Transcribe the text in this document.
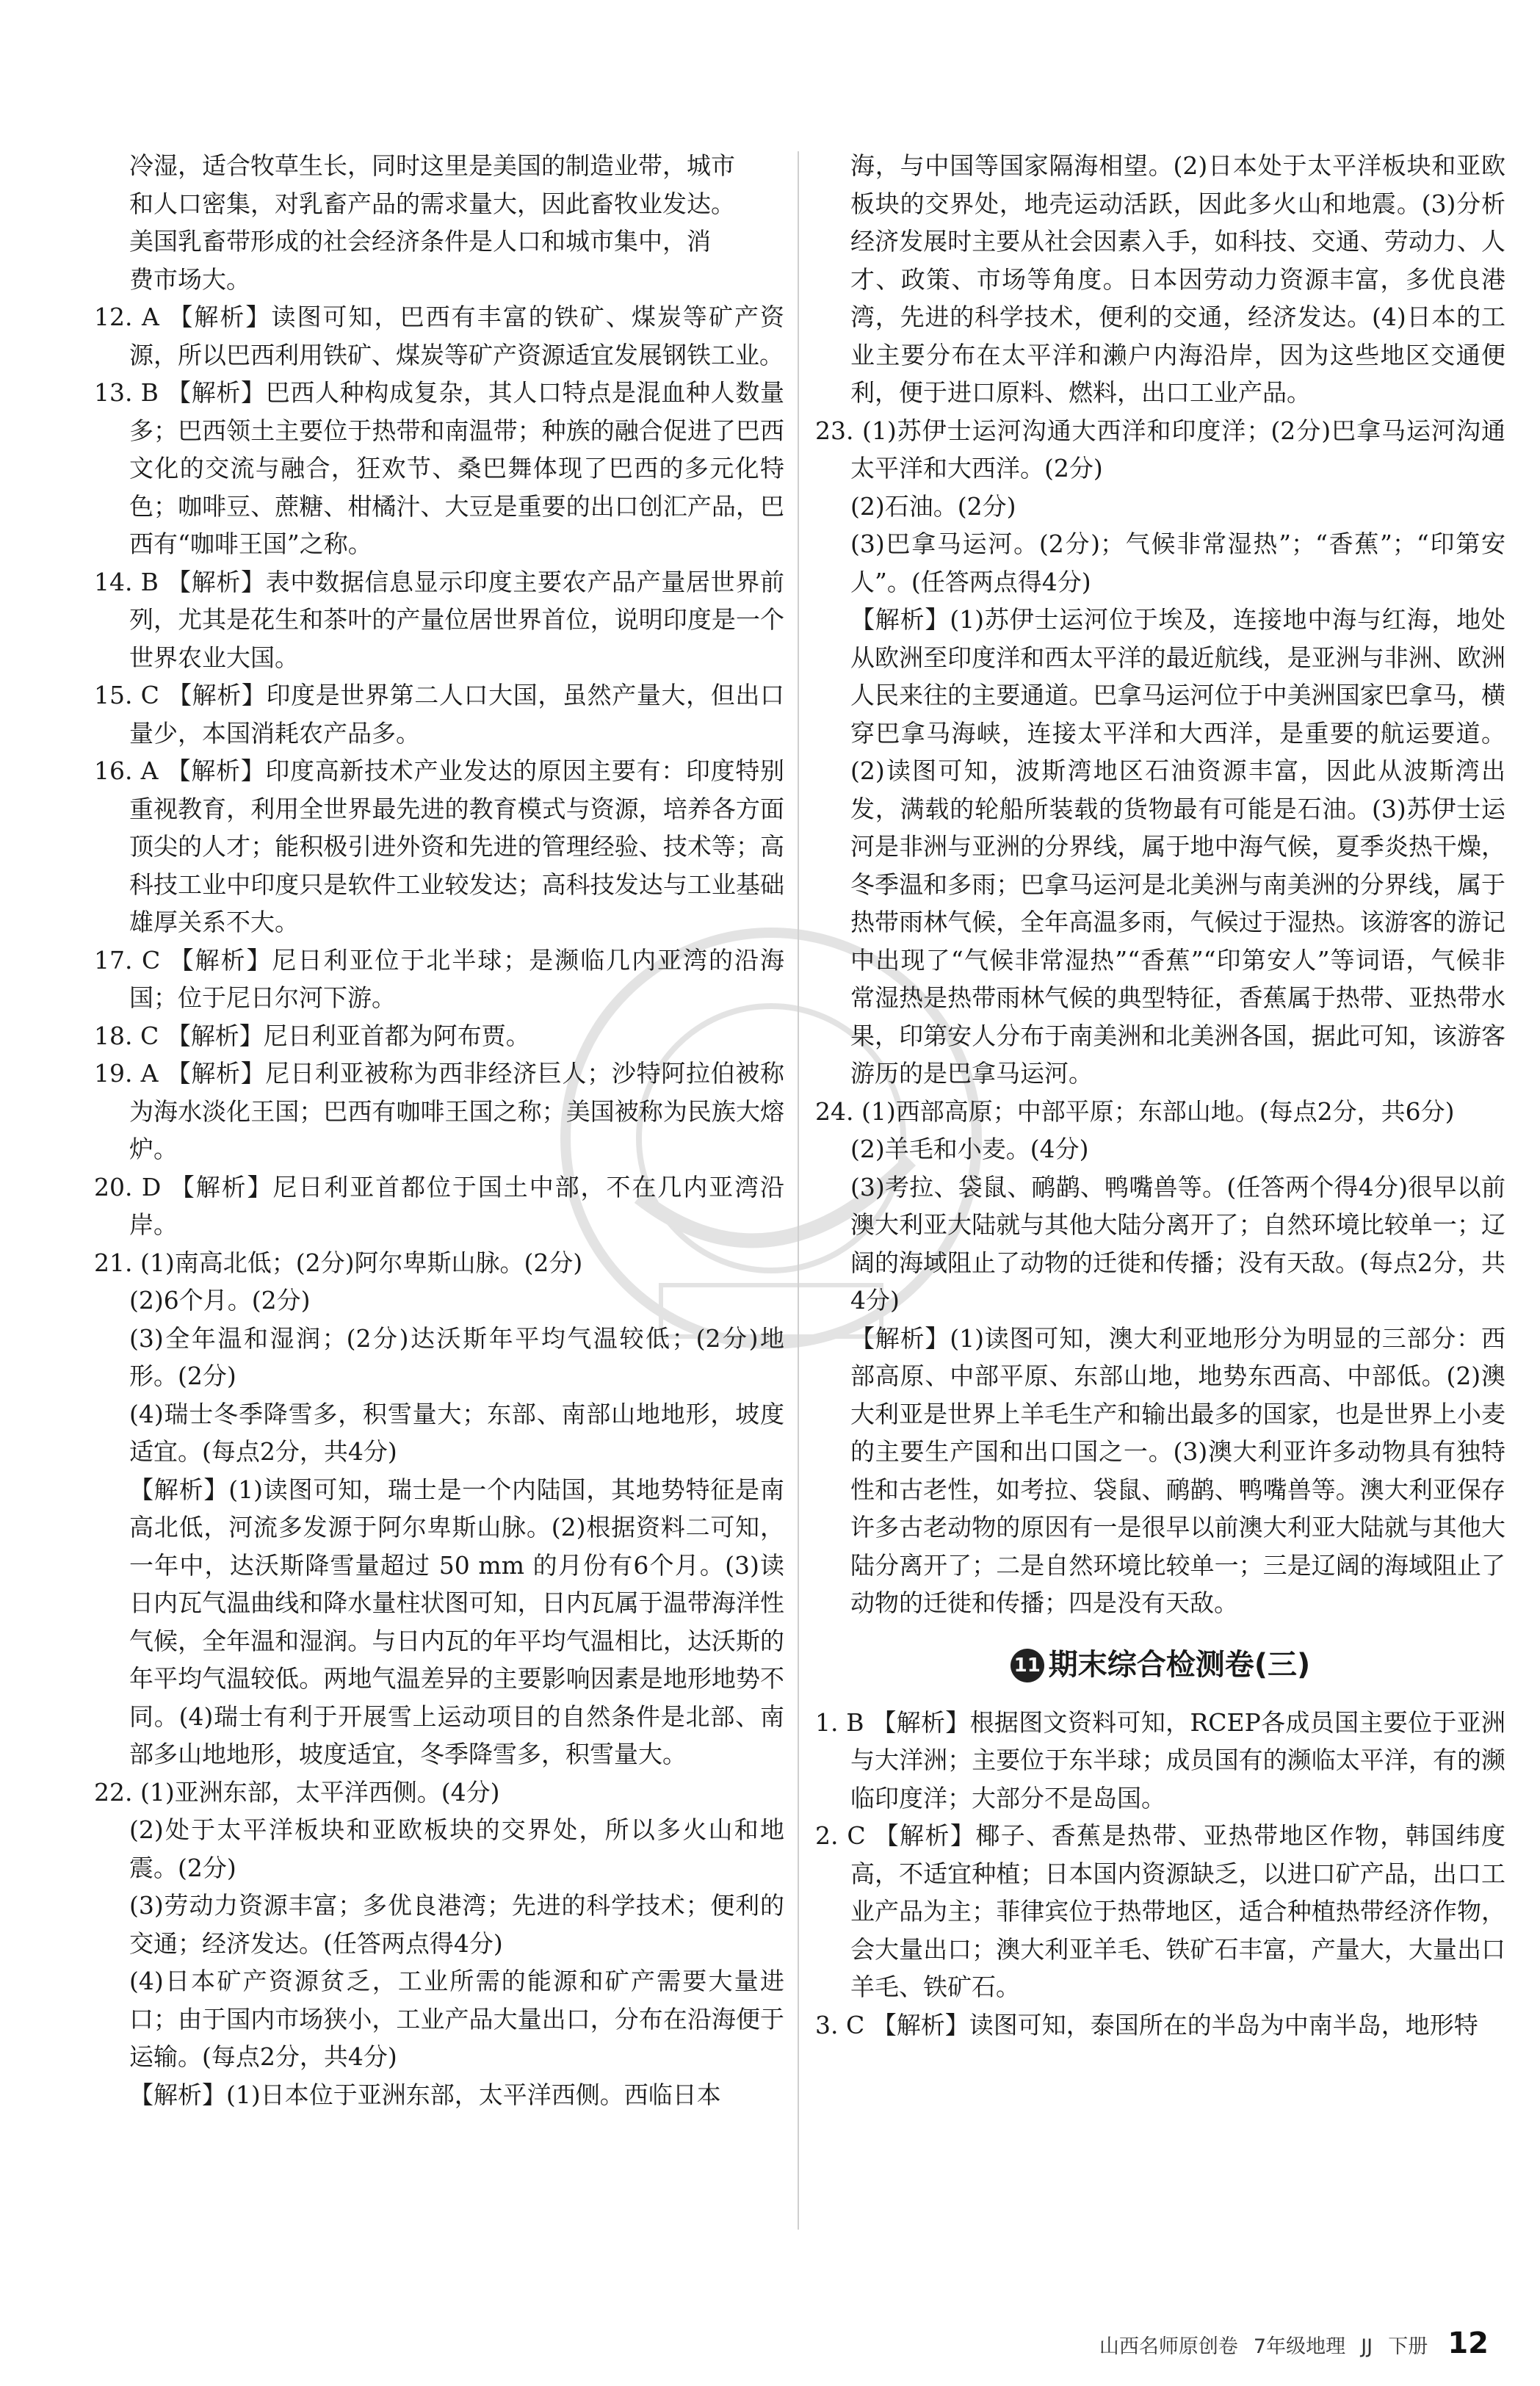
冷湿，适合牧草生长，同时这里是美国的制造业带，城市

和人口密集，对乳畜产品的需求量大，因此畜牧业发达。

美国乳畜带形成的社会经济条件是人口和城市集中，消

费市场大。

12. A 【解析】读图可知，巴西有丰富的铁矿、煤炭等矿产资源，所以巴西利用铁矿、煤炭等矿产资源适宜发展钢铁工业。

13. B 【解析】巴西人种构成复杂，其人口特点是混血种人数量多；巴西领土主要位于热带和南温带；种族的融合促进了巴西文化的交流与融合，狂欢节、桑巴舞体现了巴西的多元化特色；咖啡豆、蔗糖、柑橘汁、大豆是重要的出口创汇产品，巴西有“咖啡王国”之称。

14. B 【解析】表中数据信息显示印度主要农产品产量居世界前列，尤其是花生和茶叶的产量位居世界首位，说明印度是一个世界农业大国。

15. C 【解析】印度是世界第二人口大国，虽然产量大，但出口量少，本国消耗农产品多。

16. A 【解析】印度高新技术产业发达的原因主要有：印度特别重视教育，利用全世界最先进的教育模式与资源，培养各方面顶尖的人才；能积极引进外资和先进的管理经验、技术等；高科技工业中印度只是软件工业较发达；高科技发达与工业基础雄厚关系不大。

17. C 【解析】尼日利亚位于北半球；是濒临几内亚湾的沿海国；位于尼日尔河下游。

18. C 【解析】尼日利亚首都为阿布贾。

19. A 【解析】尼日利亚被称为西非经济巨人；沙特阿拉伯被称为海水淡化王国；巴西有咖啡王国之称；美国被称为民族大熔炉。

20. D 【解析】尼日利亚首都位于国土中部，不在几内亚湾沿岸。

21. (1)南高北低；(2分)阿尔卑斯山脉。(2分)

(2)6个月。(2分)

(3)全年温和湿润；(2分)达沃斯年平均气温较低；(2分)地形。(2分)

(4)瑞士冬季降雪多，积雪量大；东部、南部山地地形，坡度适宜。(每点2分，共4分)

【解析】(1)读图可知，瑞士是一个内陆国，其地势特征是南高北低，河流多发源于阿尔卑斯山脉。(2)根据资料二可知，一年中，达沃斯降雪量超过 50 mm 的月份有6个月。(3)读日内瓦气温曲线和降水量柱状图可知，日内瓦属于温带海洋性气候，全年温和湿润。与日内瓦的年平均气温相比，达沃斯的年平均气温较低。两地气温差异的主要影响因素是地形地势不同。(4)瑞士有利于开展雪上运动项目的自然条件是北部、南部多山地地形，坡度适宜，冬季降雪多，积雪量大。

22. (1)亚洲东部，太平洋西侧。(4分)

(2)处于太平洋板块和亚欧板块的交界处，所以多火山和地震。(2分)

(3)劳动力资源丰富；多优良港湾；先进的科学技术；便利的交通；经济发达。(任答两点得4分)

(4)日本矿产资源贫乏，工业所需的能源和矿产需要大量进口；由于国内市场狭小，工业产品大量出口，分布在沿海便于运输。(每点2分，共4分)

【解析】(1)日本位于亚洲东部，太平洋西侧。西临日本

海，与中国等国家隔海相望。(2)日本处于太平洋板块和亚欧板块的交界处，地壳运动活跃，因此多火山和地震。(3)分析经济发展时主要从社会因素入手，如科技、交通、劳动力、人才、政策、市场等角度。日本因劳动力资源丰富，多优良港湾，先进的科学技术，便利的交通，经济发达。(4)日本的工业主要分布在太平洋和濑户内海沿岸，因为这些地区交通便利，便于进口原料、燃料，出口工业产品。

23. (1)苏伊士运河沟通大西洋和印度洋；(2分)巴拿马运河沟通太平洋和大西洋。(2分)

(2)石油。(2分)

(3)巴拿马运河。(2分)；气候非常湿热”；“香蕉”；“印第安人”。(任答两点得4分)

【解析】(1)苏伊士运河位于埃及，连接地中海与红海，地处从欧洲至印度洋和西太平洋的最近航线，是亚洲与非洲、欧洲人民来往的主要通道。巴拿马运河位于中美洲国家巴拿马，横穿巴拿马海峡，连接太平洋和大西洋，是重要的航运要道。(2)读图可知，波斯湾地区石油资源丰富，因此从波斯湾出发，满载的轮船所装载的货物最有可能是石油。(3)苏伊士运河是非洲与亚洲的分界线，属于地中海气候，夏季炎热干燥，冬季温和多雨；巴拿马运河是北美洲与南美洲的分界线，属于热带雨林气候，全年高温多雨，气候过于湿热。该游客的游记中出现了“气候非常湿热”“香蕉”“印第安人”等词语，气候非常湿热是热带雨林气候的典型特征，香蕉属于热带、亚热带水果，印第安人分布于南美洲和北美洲各国，据此可知，该游客游历的是巴拿马运河。

24. (1)西部高原；中部平原；东部山地。(每点2分，共6分)

(2)羊毛和小麦。(4分)

(3)考拉、袋鼠、鸸鹋、鸭嘴兽等。(任答两个得4分)很早以前澳大利亚大陆就与其他大陆分离开了；自然环境比较单一；辽阔的海域阻止了动物的迁徙和传播；没有天敌。(每点2分，共4分)

【解析】(1)读图可知，澳大利亚地形分为明显的三部分：西部高原、中部平原、东部山地，地势东西高、中部低。(2)澳大利亚是世界上羊毛生产和输出最多的国家，也是世界上小麦的主要生产国和出口国之一。(3)澳大利亚许多动物具有独特性和古老性，如考拉、袋鼠、鸸鹋、鸭嘴兽等。澳大利亚保存许多古老动物的原因有一是很早以前澳大利亚大陆就与其他大陆分离开了；二是自然环境比较单一；三是辽阔的海域阻止了动物的迁徙和传播；四是没有天敌。

11 期末综合检测卷(三)

1. B 【解析】根据图文资料可知，RCEP各成员国主要位于亚洲与大洋洲；主要位于东半球；成员国有的濒临太平洋，有的濒临印度洋；大部分不是岛国。

2. C 【解析】椰子、香蕉是热带、亚热带地区作物，韩国纬度高，不适宜种植；日本国内资源缺乏，以进口矿产品，出口工业产品为主；菲律宾位于热带地区，适合种植热带经济作物，会大量出口；澳大利亚羊毛、铁矿石丰富，产量大，大量出口羊毛、铁矿石。

3. C 【解析】读图可知，泰国所在的半岛为中南半岛，地形特

山西名师原创卷 7年级地理 JJ 下册 12
